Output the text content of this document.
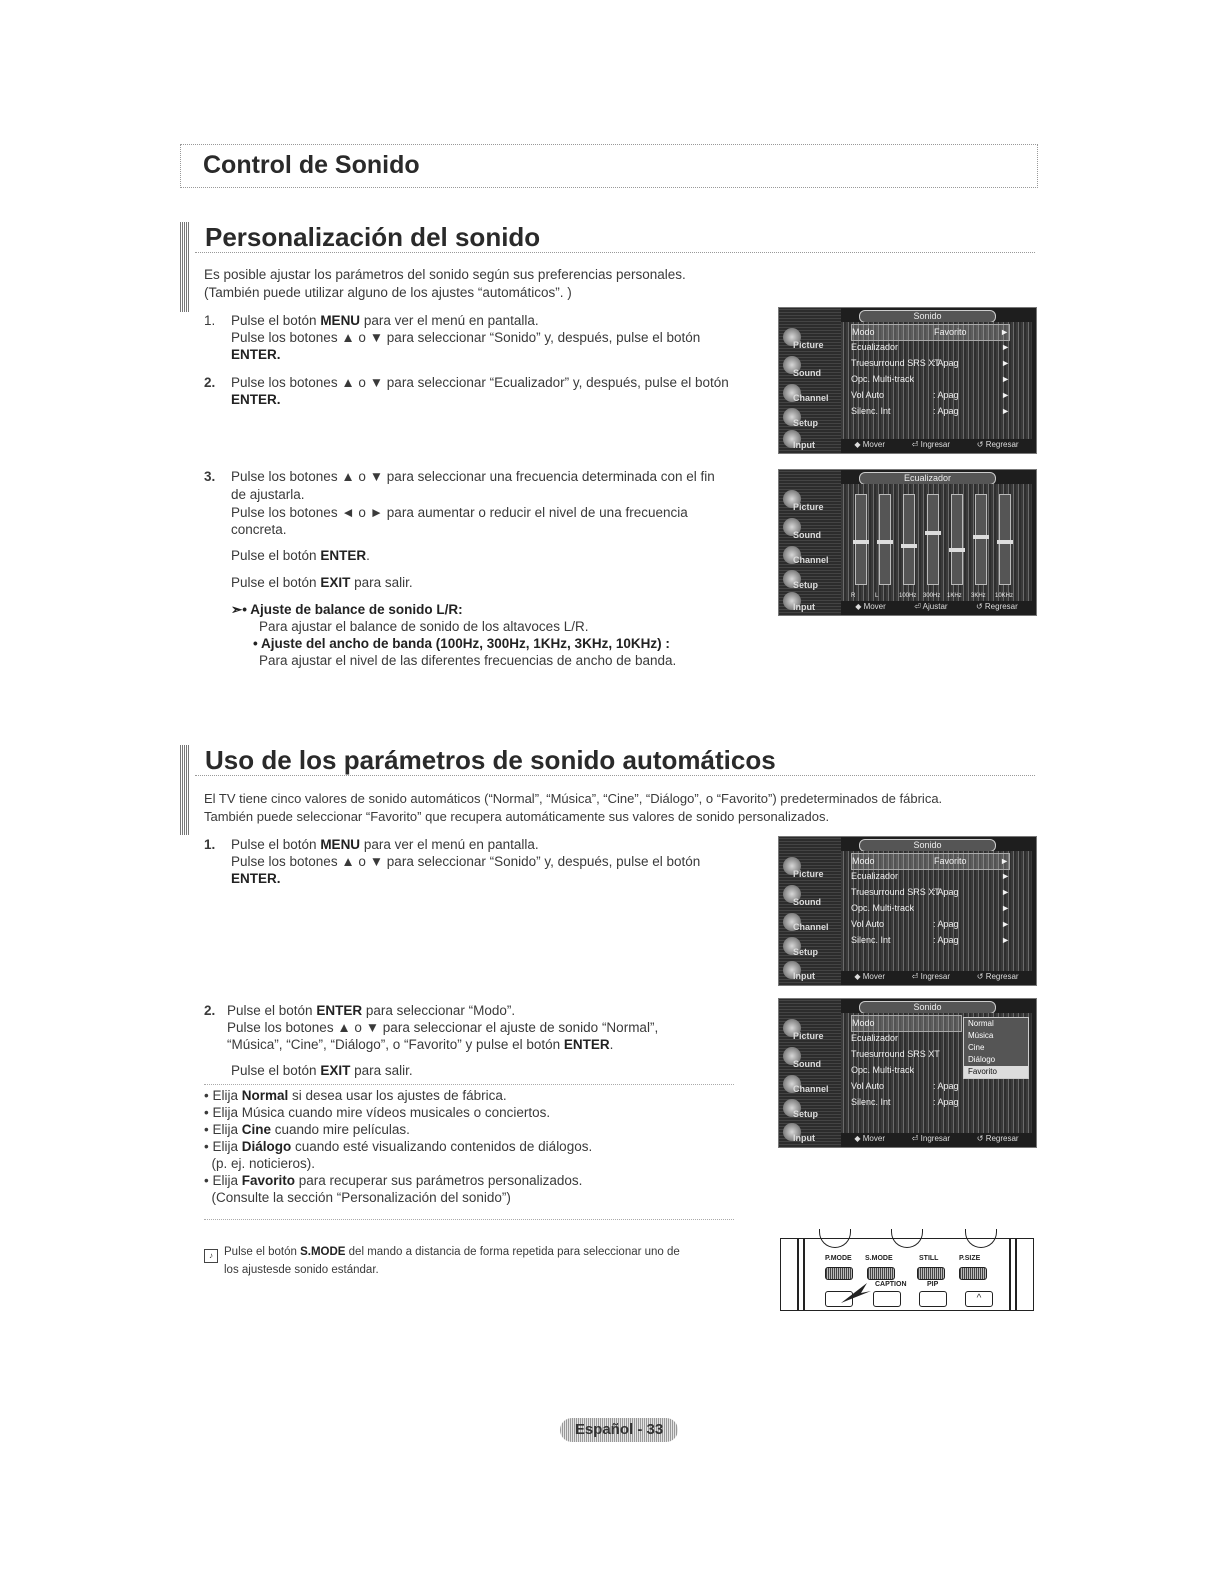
Control de Sonido
Personalización del sonido
Es posible ajustar los parámetros del sonido según sus preferencias personales.
(También puede utilizar alguno de los ajustes “automáticos”. )
1. Pulse el botón MENU para ver el menú en pantalla.
Pulse los botones ▲ o ▼ para seleccionar “Sonido” y, después, pulse el botón
ENTER.
2. Pulse los botones ▲ o ▼ para seleccionar “Ecualizador” y, después, pulse el botón
ENTER.
3. Pulse los botones ▲ o ▼ para seleccionar una frecuencia determinada con el fin
de ajustarla.
Pulse los botones ◄ o ► para aumentar o reducir el nivel de una frecuencia
concreta.
Pulse el botón ENTER.
Pulse el botón EXIT para salir.
➣• Ajuste de balance de sonido L/R:
Para ajustar el balance de sonido de los altavoces L/R.
• Ajuste del ancho de banda (100Hz, 300Hz, 1KHz, 3KHz, 10KHz) :
Para ajustar el nivel de las diferentes frecuencias de ancho de banda.
Sonido
Picture
Sound
Channel
Setup
Input
Modo	Favorito	►
Ecualizador	►
Truesurround SRS XT
: Apag	►
Opc. Multi-track	►
Vol Auto	: Apag	►
Silenc. Int	: Apag	►
◆ Mover	⏎ Ingresar	↺ Regresar
Ecualizador
Picture
Sound
Channel
Setup
Input
R	L	100Hz 300Hz 1KHz 3KHz 10KHz
◆ Mover	⏎ Ajustar	↺ Regresar
Uso de los parámetros de sonido automáticos
El TV tiene cinco valores de sonido automáticos (“Normal”, “Música”, “Cine”, “Diálogo”, o “Favorito”) predeterminados de fábrica.
También puede seleccionar “Favorito” que recupera automáticamente sus valores de sonido personalizados.
1. Pulse el botón MENU para ver el menú en pantalla.
Pulse los botones ▲ o ▼ para seleccionar “Sonido” y, después, pulse el botón
ENTER.
2. Pulse el botón ENTER para seleccionar “Modo”.
Pulse los botones ▲ o ▼ para seleccionar el ajuste de sonido “Normal”,
“Música”, “Cine”, “Diálogo”, o “Favorito” y pulse el botón ENTER.
Pulse el botón EXIT para salir.
• Elija Normal si desea usar los ajustes de fábrica.
• Elija Música cuando mire vídeos musicales o conciertos.
• Elija Cine cuando mire películas.
• Elija Diálogo cuando esté visualizando contenidos de diálogos.
(p. ej. noticieros).
• Elija Favorito para recuperar sus parámetros personalizados.
(Consulte la sección “Personalización del sonido”)
Sonido
Picture
Sound
Channel
Setup
Input
Modo	Favorito	►
Ecualizador	►
Truesurround SRS XT
: Apag	►
Opc. Multi-track	►
Vol Auto	: Apag	►
Silenc. Int	: Apag	►
◆ Mover	⏎ Ingresar	↺ Regresar
Sonido
Picture
Sound
Channel
Setup
Input
Modo
Ecualizador
Truesurround SRS XT
Opc. Multi-track
Vol Auto	: Apag
Silenc. Int	: Apag
Normal
Música
Cine
Diálogo
Favorito
◆ Mover	⏎ Ingresar	↺ Regresar
♪ Pulse el botón S.MODE del mando a distancia de forma repetida para seleccionar uno de
los ajustesde sonido estándar.
P.MODE S.MODE	STILL	P.SIZE
CAPTION	PIP
^
Español - 33
